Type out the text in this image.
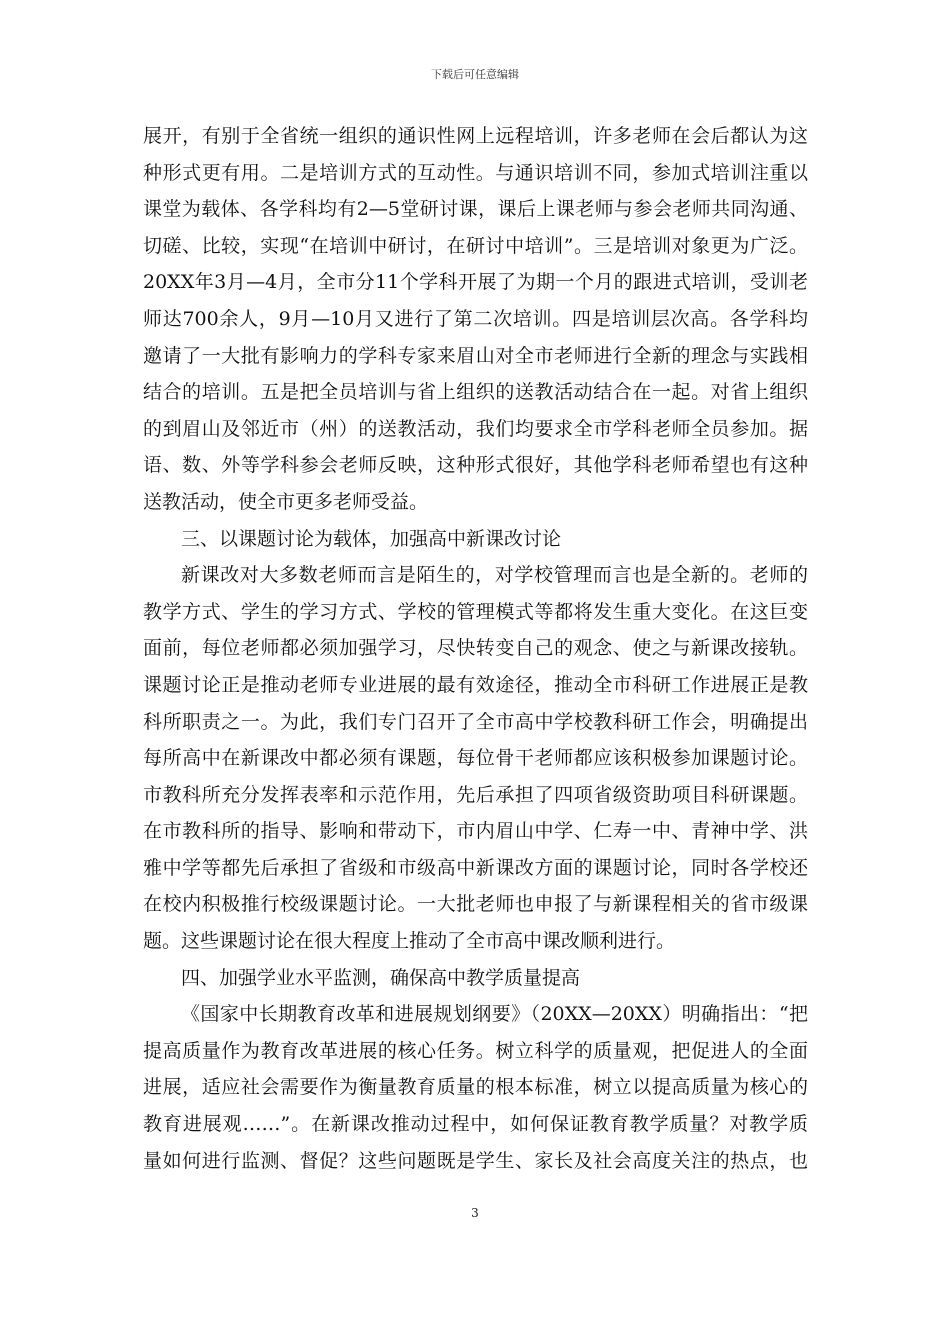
下载后可任意编辑
展开，有别于全省统一组织的通识性网上远程培训，许多老师在会后都认为这
种形式更有用。二是培训方式的互动性。与通识培训不同，参加式培训注重以
课堂为载体、各学科均有2—5堂研讨课，课后上课老师与参会老师共同沟通、
切磋、比较，实现“在培训中研讨，在研讨中培训”。三是培训对象更为广泛。
20XX年3月—4月，全市分11个学科开展了为期一个月的跟进式培训，受训老
师达700余人，9月—10月又进行了第二次培训。四是培训层次高。各学科均
邀请了一大批有影响力的学科专家来眉山对全市老师进行全新的理念与实践相
结合的培训。五是把全员培训与省上组织的送教活动结合在一起。对省上组织
的到眉山及邻近市（州）的送教活动，我们均要求全市学科老师全员参加。据
语、数、外等学科参会老师反映，这种形式很好，其他学科老师希望也有这种
送教活动，使全市更多老师受益。
三、以课题讨论为载体，加强高中新课改讨论
新课改对大多数老师而言是陌生的，对学校管理而言也是全新的。老师的
教学方式、学生的学习方式、学校的管理模式等都将发生重大变化。在这巨变
面前，每位老师都必须加强学习，尽快转变自己的观念、使之与新课改接轨。
课题讨论正是推动老师专业进展的最有效途径，推动全市科研工作进展正是教
科所职责之一。为此，我们专门召开了全市高中学校教科研工作会，明确提出
每所高中在新课改中都必须有课题，每位骨干老师都应该积极参加课题讨论。
市教科所充分发挥表率和示范作用，先后承担了四项省级资助项目科研课题。
在市教科所的指导、影响和带动下，市内眉山中学、仁寿一中、青神中学、洪
雅中学等都先后承担了省级和市级高中新课改方面的课题讨论，同时各学校还
在校内积极推行校级课题讨论。一大批老师也申报了与新课程相关的省市级课
题。这些课题讨论在很大程度上推动了全市高中课改顺利进行。
四、加强学业水平监测，确保高中教学质量提高
《国家中长期教育改革和进展规划纲要》（20XX—20XX）明确指出：“把
提高质量作为教育改革进展的核心任务。树立科学的质量观，把促进人的全面
进展，适应社会需要作为衡量教育质量的根本标准，树立以提高质量为核心的
教育进展观……”。在新课改推动过程中，如何保证教育教学质量？对教学质
量如何进行监测、督促？这些问题既是学生、家长及社会高度关注的热点，也
3
